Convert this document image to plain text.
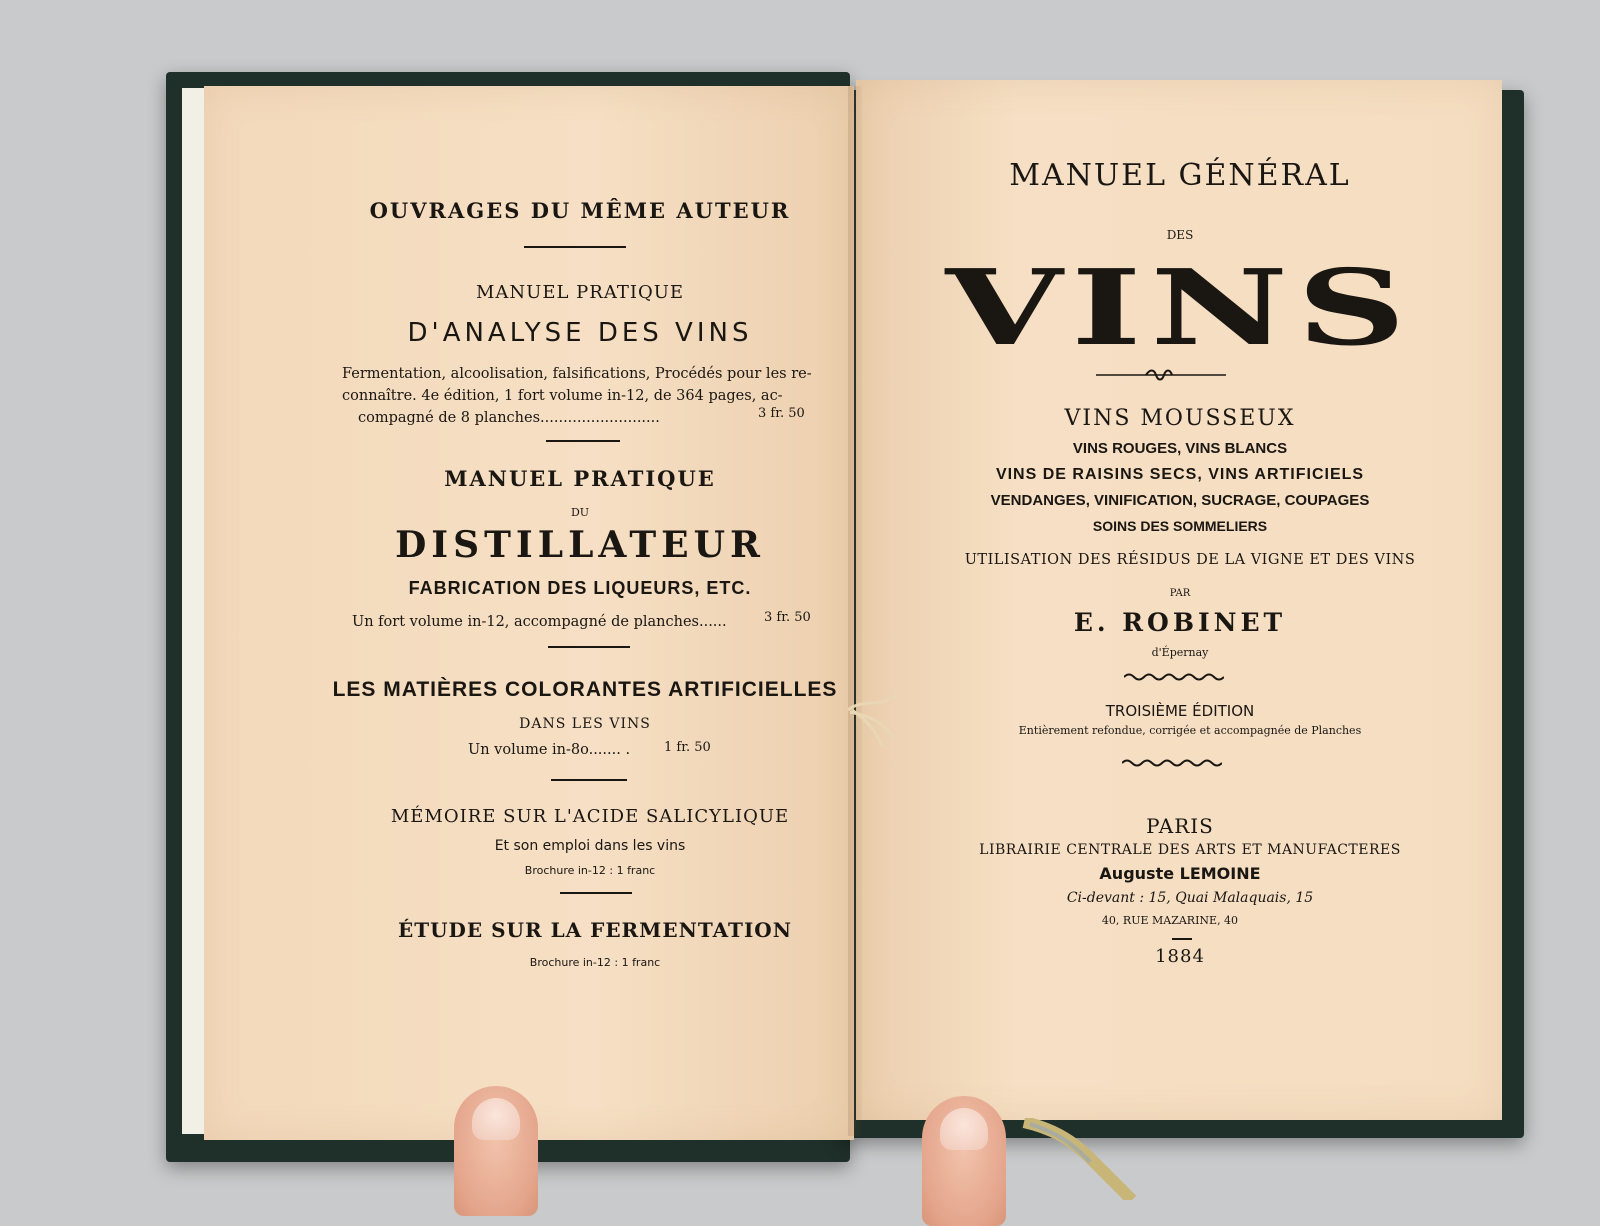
OUVRAGES DU MÊME AUTEUR
MANUEL PRATIQUE
D'ANALYSE DES VINS
Fermentation, alcoolisation, falsifications, Procédés pour les re-
connaître. 4e édition, 1 fort volume in-12, de 364 pages, ac-
compagné de 8 planches..........................	3 fr. 50
MANUEL PRATIQUE
DU
DISTILLATEUR
FABRICATION DES LIQUEURS, ETC.
Un fort volume in-12, accompagné de planches......	3 fr. 50
LES MATIÈRES COLORANTES ARTIFICIELLES
DANS LES VINS
Un volume in-8o....... .	1 fr. 50
MÉMOIRE SUR L'ACIDE SALICYLIQUE
Et son emploi dans les vins
Brochure in-12 : 1 franc
ÉTUDE SUR LA FERMENTATION
Brochure in-12 : 1 franc
MANUEL GÉNÉRAL
DES
VINS
VINS MOUSSEUX
VINS ROUGES, VINS BLANCS
VINS DE RAISINS SECS, VINS ARTIFICIELS
VENDANGES, VINIFICATION, SUCRAGE, COUPAGES
SOINS DES SOMMELIERS
UTILISATION DES RÉSIDUS DE LA VIGNE ET DES VINS
PAR
E. ROBINET
d'Épernay
TROISIÈME ÉDITION
Entièrement refondue, corrigée et accompagnée de Planches
PARIS
LIBRAIRIE CENTRALE DES ARTS ET MANUFACTERES
Auguste LEMOINE
Ci-devant : 15, Quai Malaquais, 15
40, RUE MAZARINE, 40
1884
